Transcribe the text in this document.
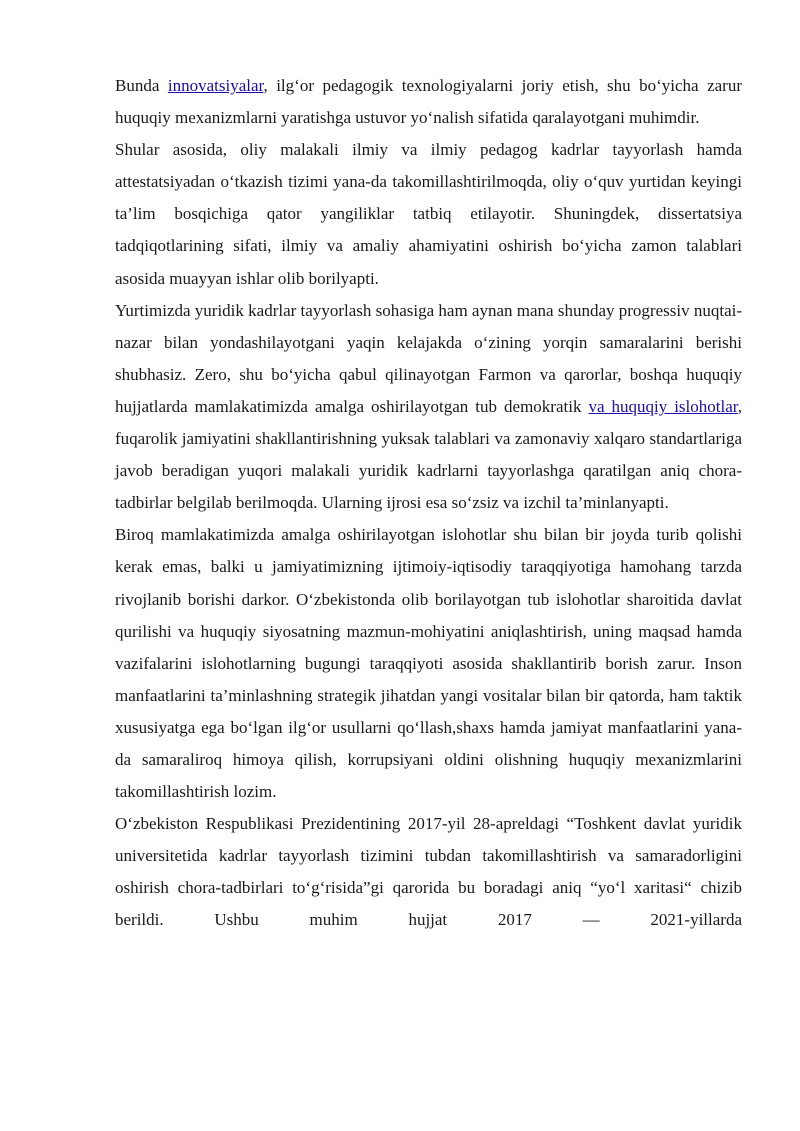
Bunda innovatsiyalar, ilg‘or pedagogik texnologiyalarni joriy etish, shu bo‘yicha zarur huquqiy mexanizmlarni yaratishga ustuvor yo‘nalish sifatida qaralayotgani muhimdir.

Shular asosida, oliy malakali ilmiy va ilmiy pedagog kadrlar tayyorlash hamda attestatsiyadan o‘tkazish tizimi yana-da takomillashtirilmoqda, oliy o‘quv yurtidan keyingi ta’lim bosqichiga qator yangiliklar tatbiq etilayotir. Shuningdek, dissertatsiya tadqiqotlarining sifati, ilmiy va amaliy ahamiyatini oshirish bo‘yicha zamon talablari asosida muayyan ishlar olib borilyapti.

Yurtimizda yuridik kadrlar tayyorlash sohasiga ham aynan mana shunday progressiv nuqtai-nazar bilan yondashilayotgani yaqin kelajakda o‘zining yorqin samaralarini berishi shubhasiz. Zero, shu bo‘yicha qabul qilinayotgan Farmon va qarorlar, boshqa huquqiy hujjatlarda mamlakatimizda amalga oshirilayotgan tub demokratik va huquqiy islohotlar, fuqarolik jamiyatini shakllantirishning yuksak talablari va zamonaviy xalqaro standartlariga javob beradigan yuqori malakali yuridik kadrlarni tayyorlashga qaratilgan aniq chora-tadbirlar belgilab berilmoqda. Ularning ijrosi esa so‘zsiz va izchil ta’minlanyapti.

Biroq mamlakatimizda amalga oshirilayotgan islohotlar shu bilan bir joyda turib qolishi kerak emas, balki u jamiyatimizning ijtimoiy-iqtisodiy taraqqiyotiga hamohang tarzda rivojlanib borishi darkor. O‘zbekistonda olib borilayotgan tub islohotlar sharoitida davlat qurilishi va huquqiy siyosatning mazmun-mohiyatini aniqlashtirish, uning maqsad hamda vazifalarini islohotlarning bugungi taraqqiyoti asosida shakllantirib borish zarur. Inson manfaatlarini ta’minlashning strategik jihatdan yangi vositalar bilan bir qatorda, ham taktik xususiyatga ega bo‘lgan ilg‘or usullarni qo‘llash,shaxs hamda jamiyat manfaatlarini yana-da samaraliroq himoya qilish, korrupsiyani oldini olishning huquqiy mexanizmlarini takomillashtirish lozim.

O‘zbekiston Respublikasi Prezidentining 2017-yil 28-apreldagi “Toshkent davlat yuridik universitetida kadrlar tayyorlash tizimini tubdan takomillashtirish va samaradorligini oshirish chora-tadbirlari to‘g‘risida”gi qarorida bu boradagi aniq “yo‘l xaritasi“ chizib berildi. Ushbu muhim hujjat 2017 — 2021-yillarda
